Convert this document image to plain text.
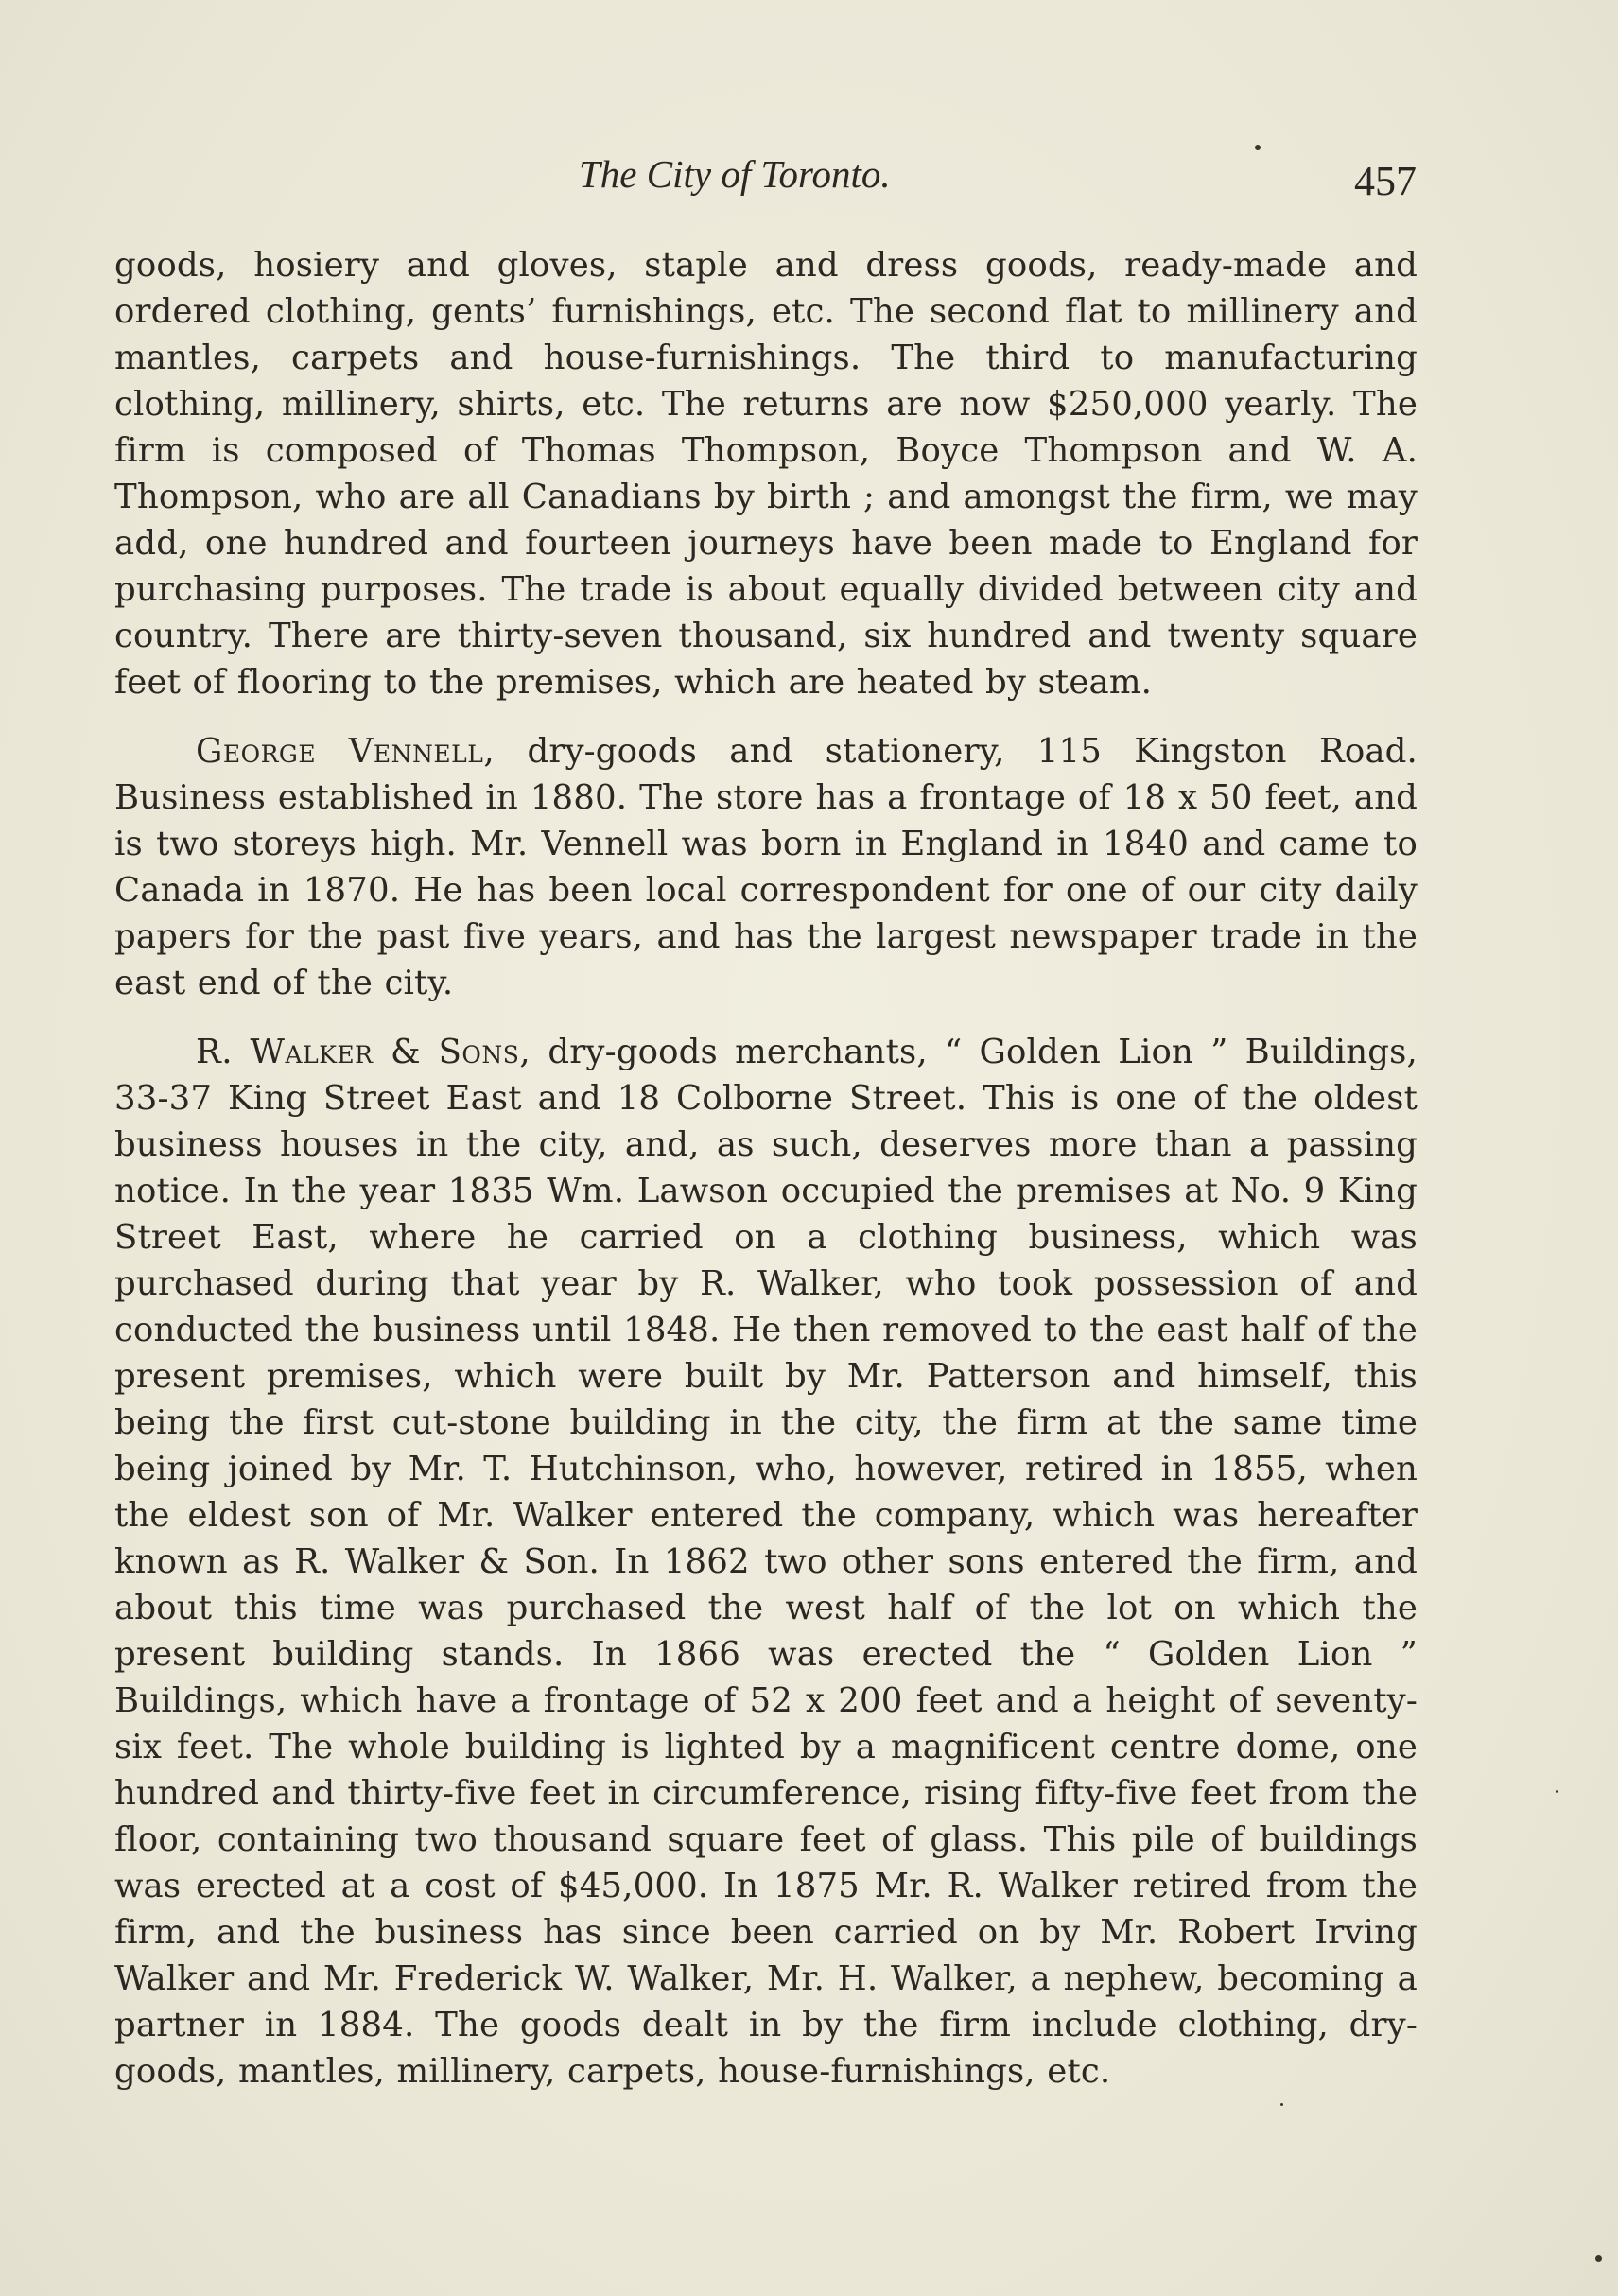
The City of Toronto.	457

goods, hosiery and gloves, staple and dress goods, ready-made and ordered clothing, gents’ furnishings, etc. The second flat to millinery and mantles, carpets and house-furnishings. The third to manufacturing clothing, millinery, shirts, etc. The returns are now $250,000 yearly. The firm is composed of Thomas Thompson, Boyce Thompson and W. A. Thompson, who are all Canadians by birth ; and amongst the firm, we may add, one hundred and fourteen journeys have been made to England for purchasing purposes. The trade is about equally divided between city and country. There are thirty-seven thousand, six hundred and twenty square feet of flooring to the premises, which are heated by steam.

George Vennell, dry-goods and stationery, 115 Kingston Road. Business established in 1880. The store has a frontage of 18 x 50 feet, and is two storeys high. Mr. Vennell was born in England in 1840 and came to Canada in 1870. He has been local correspondent for one of our city daily papers for the past five years, and has the largest newspaper trade in the east end of the city.

R. Walker & Sons, dry-goods merchants, “ Golden Lion ” Buildings, 33-37 King Street East and 18 Colborne Street. This is one of the oldest business houses in the city, and, as such, deserves more than a passing notice. In the year 1835 Wm. Lawson occupied the premises at No. 9 King Street East, where he carried on a clothing business, which was purchased during that year by R. Walker, who took possession of and conducted the business until 1848. He then removed to the east half of the present premises, which were built by Mr. Patterson and himself, this being the first cut-stone building in the city, the firm at the same time being joined by Mr. T. Hutchinson, who, however, retired in 1855, when the eldest son of Mr. Walker entered the company, which was hereafter known as R. Walker & Son. In 1862 two other sons entered the firm, and about this time was purchased the west half of the lot on which the present building stands. In 1866 was erected the “ Golden Lion ” Buildings, which have a frontage of 52 x 200 feet and a height of seventy-six feet. The whole building is lighted by a magnificent centre dome, one hundred and thirty-five feet in circumference, rising fifty-five feet from the floor, containing two thousand square feet of glass. This pile of buildings was erected at a cost of $45,000. In 1875 Mr. R. Walker retired from the firm, and the business has since been carried on by Mr. Robert Irving Walker and Mr. Frederick W. Walker, Mr. H. Walker, a nephew, becoming a partner in 1884. The goods dealt in by the firm include clothing, dry-goods, mantles, millinery, carpets, house-furnishings, etc.
